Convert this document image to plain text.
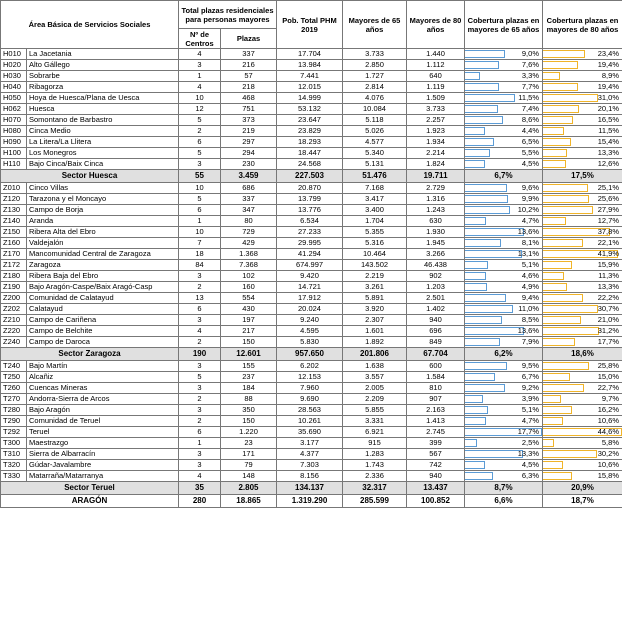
Área Básica de Servicios Sociales		Total plazas residenciales para personas mayores		Pob. Total PHM 2019	Mayores de 65 años	Mayores de 80 años	Cobertura plazas en mayores de 65 años	Cobertura plazas en mayores de 80 años
		Nº de Centros	Plazas					
H010	La Jacetania	4	337	17.704	3.733	1.440	9,0%	23,4%
H020	Alto Gállego	3	216	13.984	2.850	1.112	7,6%	19,4%
H030	Sobrarbe	1	57	7.441	1.727	640	3,3%	8,9%
H040	Ribagorza	4	218	12.015	2.814	1.119	7,7%	19,4%
H050	Hoya de Huesca/Plana de Uesca	10	468	14.999	4.076	1.509	11,5%	31,0%
H062	Huesca	12	751	53.132	10.084	3.733	7,4%	20,1%
H070	Somontano de Barbastro	5	373	23.647	5.118	2.257	8,6%	16,5%
H080	Cinca Medio	2	219	23.829	5.026	1.923	4,4%	11,5%
H090	La Litera/La Llitera	6	297	18.293	4.577	1.934	6,5%	15,4%
H100	Los Monegros	5	294	18.447	5.340	2.214	5,5%	13,3%
H110	Bajo Cinca/Baix Cinca	3	230	24.568	5.131	1.824	4,5%	12,6%
Sector Huesca		55	3.459	227.503	51.476	19.711	6,7%	17,5%
Z010	Cinco Villas	10	686	20.870	7.168	2.729	9,6%	25,1%
Z120	Tarazona y el Moncayo	5	337	13.799	3.417	1.316	9,9%	25,6%
Z130	Campo de Borja	6	347	13.776	3.400	1.243	10,2%	27,9%
Z140	Aranda	1	80	6.534	1.704	630	4,7%	12,7%
Z150	Ribera Alta del Ebro	10	729	27.233	5.355	1.930	13,6%	37,8%
Z160	Valdejalón	7	429	29.995	5.316	1.945	8,1%	22,1%
Z170	Mancomunidad Central de Zaragoza	18	1.368	41.294	10.464	3.266	13,1%	41,9%
Z172	Zaragoza	84	7.368	674.997	143.502	46.438	5,1%	15,9%
Z180	Ribera Baja del Ebro	3	102	9.420	2.219	902	4,6%	11,3%
Z190	Bajo Aragón-Caspe/Baix Aragó-Casp	2	160	14.721	3.261	1.203	4,9%	13,3%
Z200	Comunidad de Calatayud	13	554	17.912	5.891	2.501	9,4%	22,2%
Z202	Calatayud	6	430	20.024	3.920	1.402	11,0%	30,7%
Z210	Campo de Cariñena	3	197	9.240	2.307	940	8,5%	21,0%
Z220	Campo de Belchite	4	217	4.595	1.601	696	13,6%	31,2%
Z240	Campo de Daroca	2	150	5.830	1.892	849	7,9%	17,7%
Sector Zaragoza		190	12.601	957.650	201.806	67.704	6,2%	18,6%
T240	Bajo Martín	3	155	6.202	1.638	600	9,5%	25,8%
T250	Alcañiz	5	237	12.153	3.557	1.584	6,7%	15,0%
T260	Cuencas Mineras	3	184	7.960	2.005	810	9,2%	22,7%
T270	Andorra-Sierra de Arcos	2	88	9.690	2.209	907	3,9%	9,7%
T280	Bajo Aragón	3	350	28.563	5.855	2.163	5,1%	16,2%
T290	Comunidad de Teruel	2	150	10.261	3.331	1.413	4,7%	10,6%
T292	Teruel	6	1.220	35.690	6.921	2.745	17,7%	44,6%
T300	Maestrazgo	1	23	3.177	915	399	2,5%	5,8%
T310	Sierra de Albarracín	3	171	4.377	1.283	567	13,3%	30,2%
T320	Gúdar-Javalambre	3	79	7.303	1.743	742	4,5%	10,6%
T330	Matarraña/Matarranya	4	148	8.156	2.336	940	6,3%	15,8%
Sector Teruel		35	2.805	134.137	32.317	13.437	8,7%	20,9%
ARAGÓN		280	18.865	1.319.290	285.599	100.852	6,6%	18,7%
